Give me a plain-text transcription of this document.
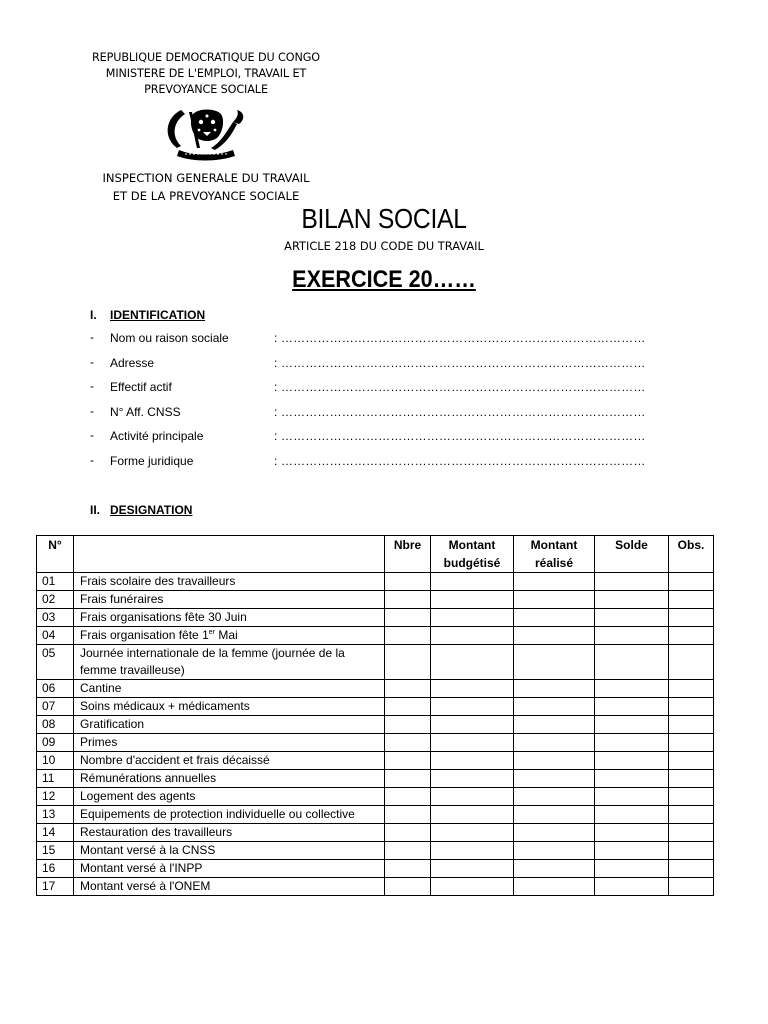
REPUBLIQUE DEMOCRATIQUE DU CONGO
MINISTERE DE L'EMPLOI, TRAVAIL ET
PREVOYANCE SOCIALE
INSPECTION GENERALE DU TRAVAIL
ET DE LA PREVOYANCE SOCIALE
BILAN SOCIAL
ARTICLE 218 DU CODE DU TRAVAIL
EXERCICE 20……
I. IDENTIFICATION
- Nom ou raison sociale	: ………………………………………………………………………………
- Adresse	: ………………………………………………………………………………
- Effectif actif	: ………………………………………………………………………………
- N° Aff. CNSS	: ………………………………………………………………………………
- Activité principale	: ………………………………………………………………………………
- Forme juridique	: ………………………………………………………………………………
II. DESIGNATION
N°		Nbre	Montant budgétisé	Montant réalisé	Solde	Obs.
01	Frais scolaire des travailleurs					
02	Frais funéraires					
03	Frais organisations fête 30 Juin					
04	Frais organisation fête 1er Mai					
05	Journée internationale de la femme (journée de la femme travailleuse)					
06	Cantine					
07	Soins médicaux + médicaments					
08	Gratification					
09	Primes					
10	Nombre d'accident et frais décaissé					
11	Rémunérations annuelles					
12	Logement des agents					
13	Equipements de protection individuelle ou collective					
14	Restauration des travailleurs					
15	Montant versé à la CNSS					
16	Montant versé à l'INPP					
17	Montant versé à l'ONEM					
